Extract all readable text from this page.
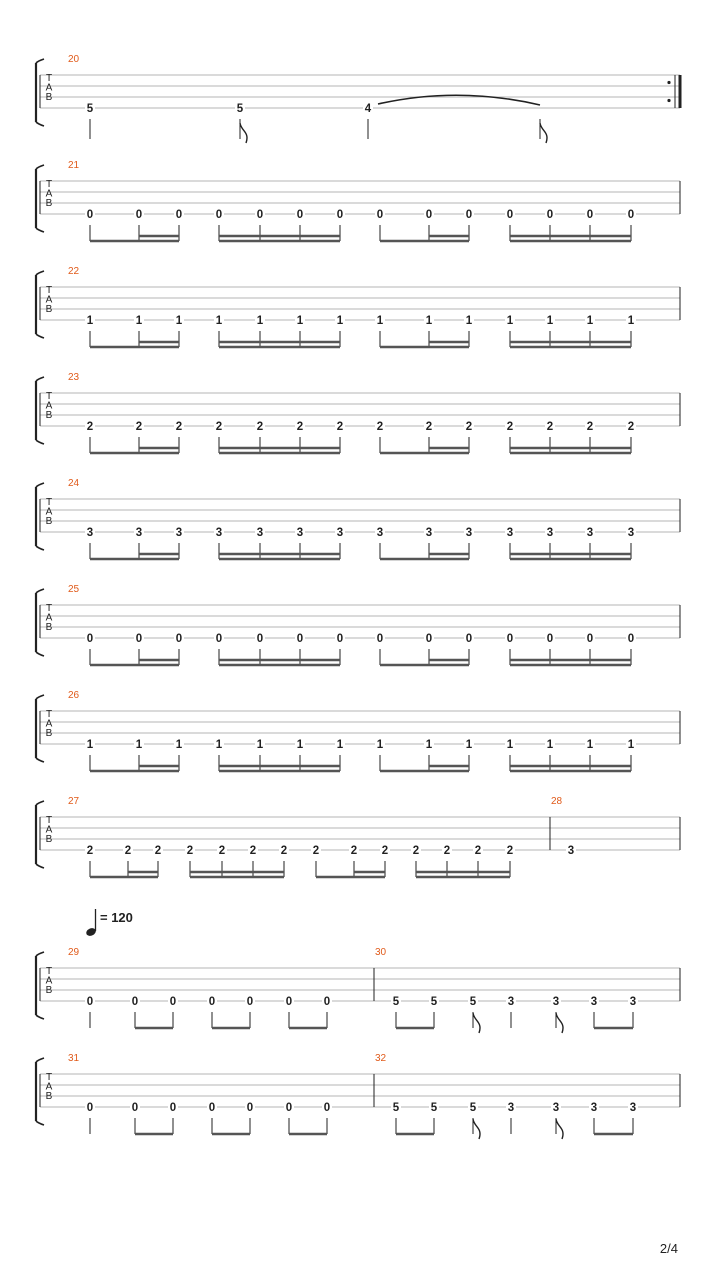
T
A
B
20
5	5	4
T
A
B
21
0	0	0	0	0	0	0	0	0	0	0	0	0	0
T
A
B
22
1	1	1	1	1	1	1	1	1	1	1	1	1	1
T
A
B
23
2	2	2	2	2	2	2	2	2	2	2	2	2	2
T
A
B
24
3	3	3	3	3	3	3	3	3	3	3	3	3	3
T
A
B
25
0	0	0	0	0	0	0	0	0	0	0	0	0	0
T
A
B
26
1	1	1	1	1	1	1	1	1	1	1	1	1	1
T
A
B
27
2	2 2 2 2 2 2 2	2 2 2 2 2 2
28
3
T
A
B
29
0	0	0	0	0	0	0
30
5	5	5	3	3	3	3
T
A
B
31
0	0	0	0	0	0	0
32
5	5	5	3	3	3	3
= 120
2/4
